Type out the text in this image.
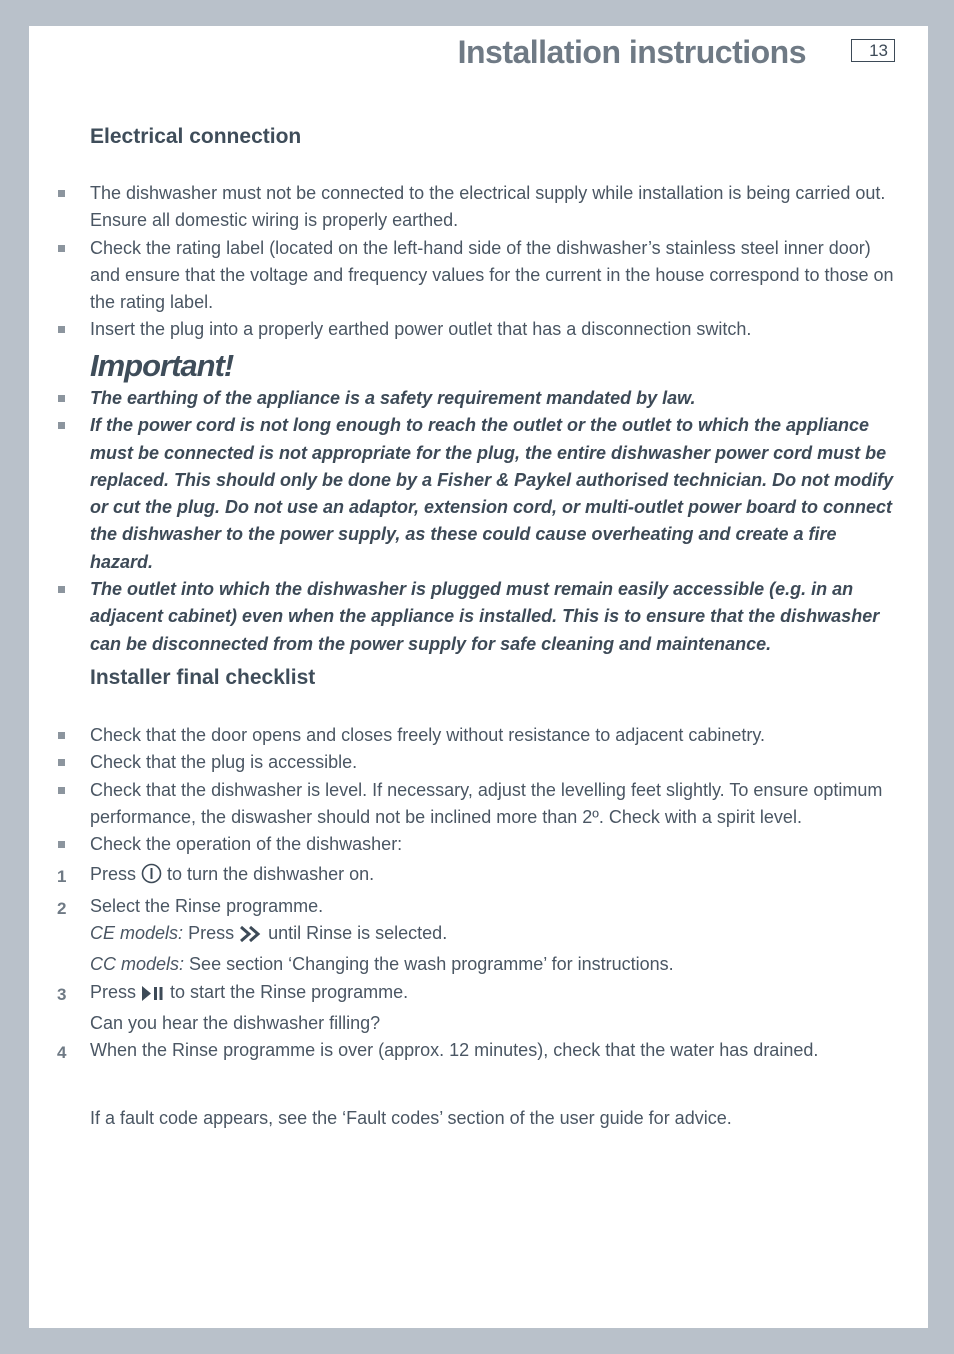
Installation instructions	13
Electrical connection
The dishwasher must not be connected to the electrical supply while installation is being carried out. Ensure all domestic wiring is properly earthed.
Check the rating label (located on the left-hand side of the dishwasher’s stainless steel inner door) and ensure that the voltage and frequency values for the current in the house correspond to those on the rating label.
Insert the plug into a properly earthed power outlet that has a disconnection switch.
Important!
The earthing of the appliance is a safety requirement mandated by law.
If the power cord is not long enough to reach the outlet or the outlet to which the appliance must be connected is not appropriate for the plug, the entire dishwasher power cord must be replaced. This should only be done by a Fisher & Paykel authorised technician. Do not modify or cut the plug. Do not use an adaptor, extension cord, or multi-outlet power board to connect the dishwasher to the power supply, as these could cause overheating and create a fire hazard.
The outlet into which the dishwasher is plugged must remain easily accessible (e.g. in an adjacent cabinet) even when the appliance is installed. This is to ensure that the dishwasher can be disconnected from the power supply for safe cleaning and maintenance.
Installer final checklist
Check that the door opens and closes freely without resistance to adjacent cabinetry.
Check that the plug is accessible.
Check that the dishwasher is level. If necessary, adjust the levelling feet slightly. To ensure optimum performance, the diswasher should not be inclined more than 2º. Check with a spirit level.
Check the operation of the dishwasher:
1 Press to turn the dishwasher on.
2 Select the Rinse programme.
CE models: Press until Rinse is selected.
CC models: See section ‘Changing the wash programme’ for instructions.
3 Press to start the Rinse programme.
Can you hear the dishwasher filling?
4 When the Rinse programme is over (approx. 12 minutes), check that the water has drained.
If a fault code appears, see the ‘Fault codes’ section of the user guide for advice.
